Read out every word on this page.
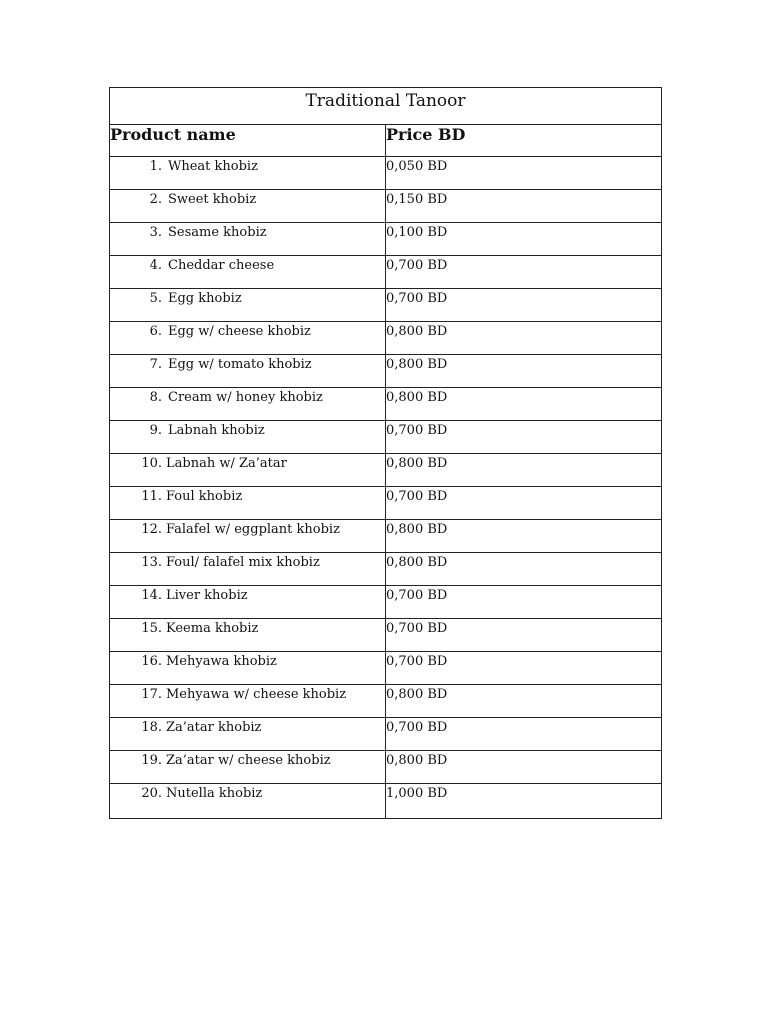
Traditional Tanoor	
Product name	Price BD
1. Wheat khobiz	0,050 BD
2. Sweet khobiz	0,150 BD
3. Sesame khobiz	0,100 BD
4. Cheddar cheese	0,700 BD
5. Egg khobiz	0,700 BD
6. Egg w/ cheese khobiz	0,800 BD
7. Egg w/ tomato khobiz	0,800 BD
8. Cream w/ honey khobiz	0,800 BD
9. Labnah khobiz	0,700 BD
10. Labnah w/ Za’atar	0,800 BD
11. Foul khobiz	0,700 BD
12. Falafel w/ eggplant khobiz	0,800 BD
13. Foul/ falafel mix khobiz	0,800 BD
14. Liver khobiz	0,700 BD
15. Keema khobiz	0,700 BD
16. Mehyawa khobiz	0,700 BD
17. Mehyawa w/ cheese khobiz	0,800 BD
18. Za’atar khobiz	0,700 BD
19. Za’atar w/ cheese khobiz	0,800 BD
20. Nutella khobiz	1,000 BD
